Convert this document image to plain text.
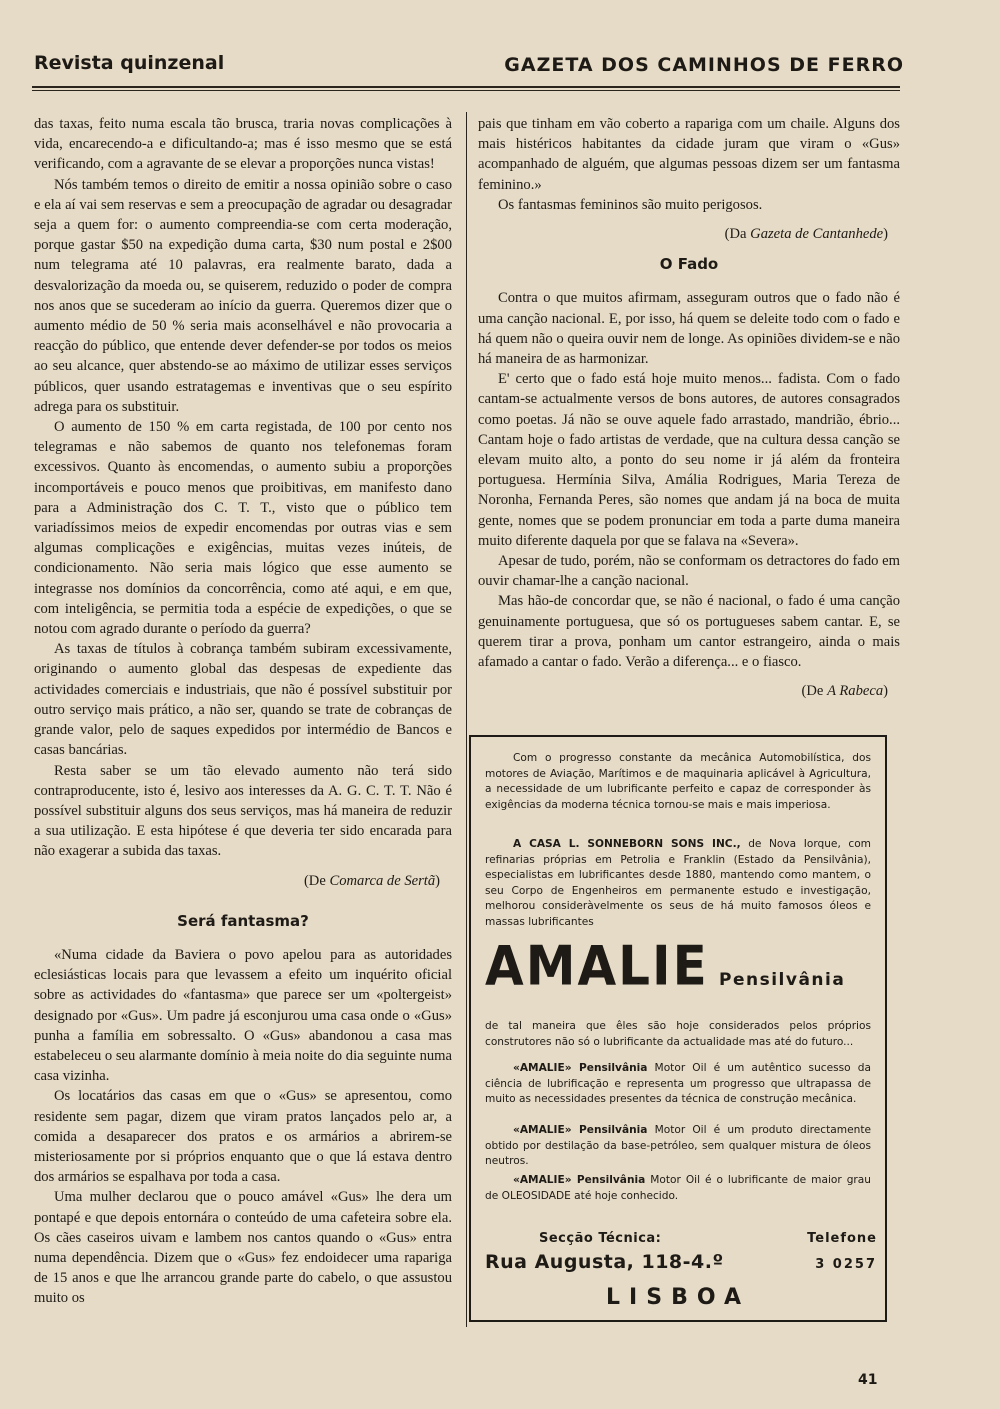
Revista quinzenal	GAZETA DOS CAMINHOS DE FERRO

das taxas, feito numa escala tão brusca, traria novas complicações à vida, encarecendo-a e dificultando-a; mas é isso mesmo que se está verificando, com a agravante de se elevar a proporções nunca vistas!

Nós também temos o direito de emitir a nossa opinião sobre o caso e ela aí vai sem reservas e sem a preocupação de agradar ou desagradar seja a quem for: o aumento compreendia-se com certa moderação, porque gastar $50 na expedição duma carta, $30 num postal e 2$00 num telegrama até 10 palavras, era realmente barato, dada a desvalorização da moeda ou, se quiserem, reduzido o poder de compra nos anos que se sucederam ao início da guerra. Queremos dizer que o aumento médio de 50 % seria mais aconselhável e não provocaria a reacção do público, que entende dever defender-se por todos os meios ao seu alcance, quer abstendo-se ao máximo de utilizar esses serviços públicos, quer usando estratagemas e inventivas que o seu espírito adrega para os substituir.

O aumento de 150 % em carta registada, de 100 por cento nos telegramas e não sabemos de quanto nos telefonemas foram excessivos. Quanto às encomendas, o aumento subiu a proporções incomportáveis e pouco menos que proibitivas, em manifesto dano para a Administração dos C. T. T., visto que o público tem variadíssimos meios de expedir encomendas por outras vias e sem algumas complicações e exigências, muitas vezes inúteis, de condicionamento. Não seria mais lógico que esse aumento se integrasse nos domínios da concorrência, como até aqui, e em que, com inteligência, se permitia toda a espécie de expedições, o que se notou com agrado durante o período da guerra?

As taxas de títulos à cobrança também subiram excessivamente, originando o aumento global das despesas de expediente das actividades comerciais e industriais, que não é possível substituir por outro serviço mais prático, a não ser, quando se trate de cobranças de grande valor, pelo de saques expedidos por intermédio de Bancos e casas bancárias.

Resta saber se um tão elevado aumento não terá sido contraproducente, isto é, lesivo aos interesses da A. G. C. T. T. Não é possível substituir alguns dos seus serviços, mas há maneira de reduzir a sua utilização. E esta hipótese é que deveria ter sido encarada para não exagerar a subida das taxas.

(De Comarca de Sertã)

Será fantasma?

«Numa cidade da Baviera o povo apelou para as autoridades eclesiásticas locais para que levassem a efeito um inquérito oficial sobre as actividades do «fantasma» que parece ser um «poltergeist» designado por «Gus». Um padre já esconjurou uma casa onde o «Gus» punha a família em sobressalto. O «Gus» abandonou a casa mas estabeleceu o seu alarmante domínio à meia noite do dia seguinte numa casa vizinha.

Os locatários das casas em que o «Gus» se apresentou, como residente sem pagar, dizem que viram pratos lançados pelo ar, a comida a desaparecer dos pratos e os armários a abrirem-se misteriosamente por si próprios enquanto que o que lá estava dentro dos armários se espalhava por toda a casa.

Uma mulher declarou que o pouco amável «Gus» lhe dera um pontapé e que depois entornára o conteúdo de uma cafeteira sobre ela. Os cães caseiros uivam e lambem nos cantos quando o «Gus» entra numa dependência. Dizem que o «Gus» fez endoidecer uma rapariga de 15 anos e que lhe arrancou grande parte do cabelo, o que assustou muito os

pais que tinham em vão coberto a rapariga com um chaile. Alguns dos mais histéricos habitantes da cidade juram que viram o «Gus» acompanhado de alguém, que algumas pessoas dizem ser um fantasma feminino.»

Os fantasmas femininos são muito perigosos.

(Da Gazeta de Cantanhede)

O Fado

Contra o que muitos afirmam, asseguram outros que o fado não é uma canção nacional. E, por isso, há quem se deleite todo com o fado e há quem não o queira ouvir nem de longe. As opiniões dividem-se e não há maneira de as harmonizar.

E' certo que o fado está hoje muito menos... fadista. Com o fado cantam-se actualmente versos de bons autores, de autores consagrados como poetas. Já não se ouve aquele fado arrastado, mandrião, ébrio... Cantam hoje o fado artistas de verdade, que na cultura dessa canção se elevam muito alto, a ponto do seu nome ir já além da fronteira portuguesa. Hermínia Silva, Amália Rodrigues, Maria Tereza de Noronha, Fernanda Peres, são nomes que andam já na boca de muita gente, nomes que se podem pronunciar em toda a parte duma maneira muito diferente daquela por que se falava na «Severa».

Apesar de tudo, porém, não se conformam os detractores do fado em ouvir chamar-lhe a canção nacional.

Mas hão-de concordar que, se não é nacional, o fado é uma canção genuinamente portuguesa, que só os portugueses sabem cantar. E, se querem tirar a prova, ponham um cantor estrangeiro, ainda o mais afamado a cantar o fado. Verão a diferença... e o fiasco.

(De A Rabeca)

Com o progresso constante da mecânica Automobilística, dos motores de Aviação, Marítimos e de maquinaria aplicável à Agricultura, a necessidade de um lubrificante perfeito e capaz de corresponder às exigências da moderna técnica tornou-se mais e mais imperiosa.

A CASA L. SONNEBORN SONS INC., de Nova Iorque, com refinarias próprias em Petrolia e Franklin (Estado da Pensilvânia), especialistas em lubrificantes desde 1880, mantendo como mantem, o seu Corpo de Engenheiros em permanente estudo e investigação, melhorou consideràvelmente os seus de há muito famosos óleos e massas lubrificantes

AMALIE Pensilvânia

de tal maneira que êles são hoje considerados pelos próprios construtores não só o lubrificante da actualidade mas até do futuro...

«AMALIE» Pensilvânia Motor Oil é um autêntico sucesso da ciência de lubrificação e representa um progresso que ultrapassa de muito as necessidades presentes da técnica de construção mecânica.

«AMALIE» Pensilvânia Motor Oil é um produto directamente obtido por destilação da base-petróleo, sem qualquer mistura de óleos neutros.

«AMALIE» Pensilvânia Motor Oil é o lubrificante de maior grau de OLEOSIDADE até hoje conhecido.

Secção Técnica:	Telefone
Rua Augusta, 118-4.º	3 0257
LISBOA
41
